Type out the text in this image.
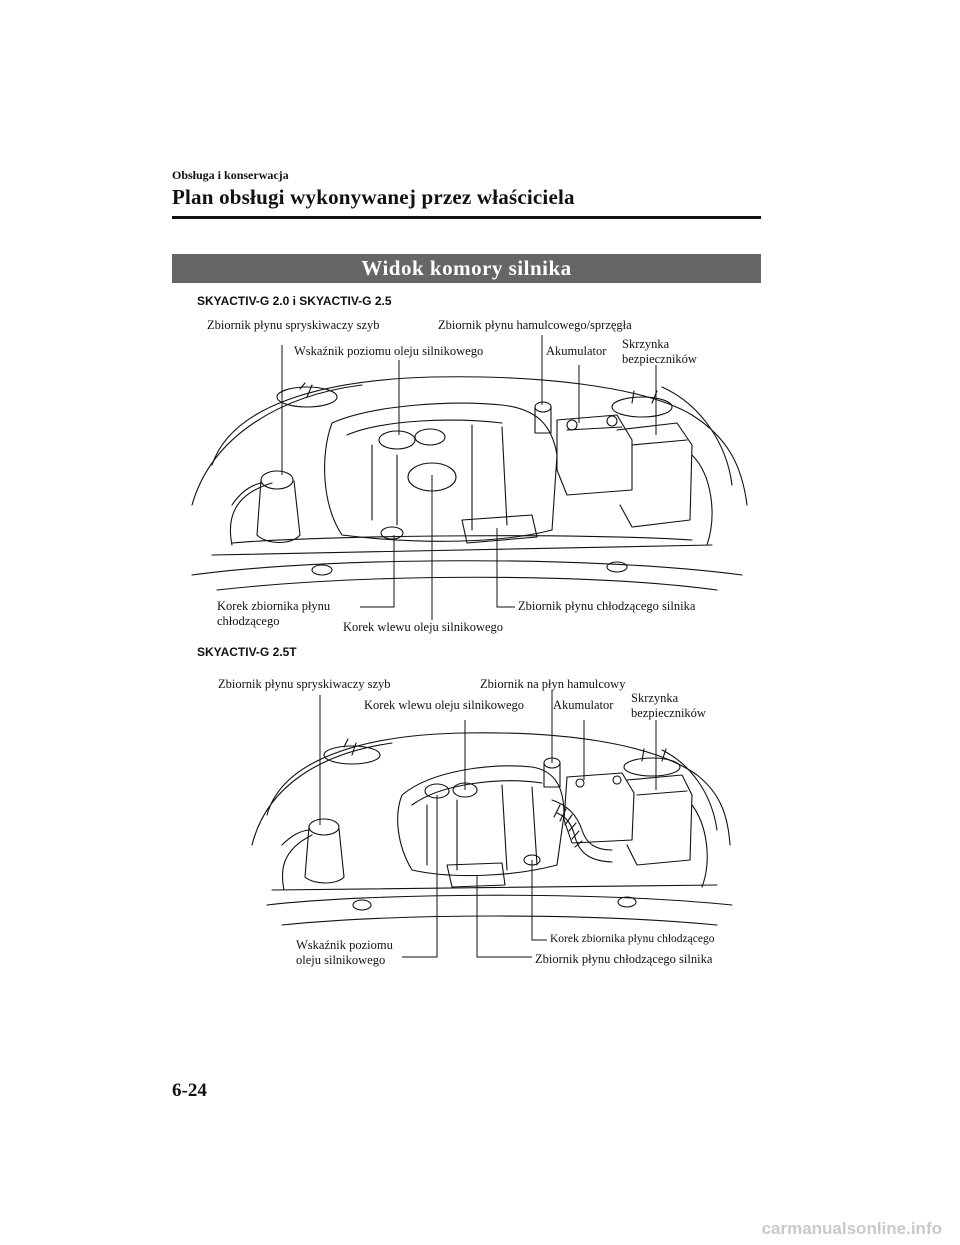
Obsługa i konserwacja
Plan obsługi wykonywanej przez właściciela
Widok komory silnika
SKYACTIV-G 2.0 i SKYACTIV-G 2.5
Zbiornik płynu spryskiwaczy szyb	Zbiornik płynu hamulcowego/sprzęgła
Wskaźnik poziomu oleju silnikowego	Akumulator Skrzynka
bezpieczników
Korek zbiornika płynu
chłodzącego	Korek wlewu oleju silnikowego
Zbiornik płynu chłodzącego silnika
SKYACTIV-G 2.5T
Zbiornik płynu spryskiwaczy szyb	Zbiornik na płyn hamulcowy
Korek wlewu oleju silnikowego Akumulator Skrzynka
bezpieczników
Wskaźnik poziomu
oleju silnikowego
Korek zbiornika płynu chłodzącego
Zbiornik płynu chłodzącego silnika
6-24
carmanualsonline.info
